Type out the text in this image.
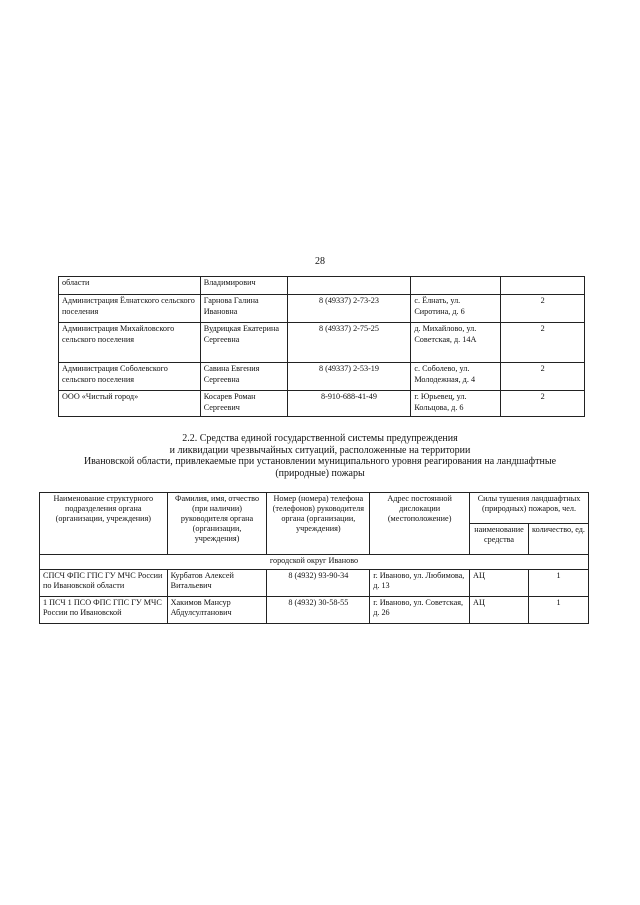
28
области	Владимирович			
Администрация Ёлнатского сельского поселения	Гарнова Галина Ивановна	8 (49337) 2-73-23	с. Ёлнать, ул. Сиротина, д. 6	2
Администрация Михайловского сельского поселения	Вудрицкая Екатерина Сергеевна	8 (49337) 2-75-25	д. Михайлово, ул. Советская, д. 14А	2
Администрация Соболевского сельского поселения	Савина Евгения Сергеевна	8 (49337) 2-53-19	с. Соболево, ул. Молодежная, д. 4	2
ООО «Чистый город»	Косарев Роман Сергеевич	8-910-688-41-49	г. Юрьевец, ул. Кольцова, д. 6	2
2.2. Средства единой государственной системы предупреждения
и ликвидации чрезвычайных ситуаций, расположенные на территории
Ивановской области, привлекаемые при установлении муниципального уровня реагирования на ландшафтные
(природные) пожары
Наименование структурного подразделения органа (организации, учреждения)	Фамилия, имя, отчество (при наличии) руководителя органа (организации, учреждения)	Номер (номера) телефона (телефонов) руководителя органа (организации, учреждения)	Адрес постоянной дислокации (местоположение)	Силы тушения ландшафтных (природных) пожаров, чел.	
				наименование средства	количество, ед.
городской округ Иваново					
СПСЧ ФПС ГПС ГУ МЧС России по Ивановской области	Курбатов Алексей Витальевич	8 (4932) 93-90-34	г. Иваново, ул. Любимова, д. 13	АЦ	1
1 ПСЧ 1 ПСО ФПС ГПС ГУ МЧС России по Ивановской	Хакимов Мансур Абдулсултанович	8 (4932) 30-58-55	г. Иваново, ул. Советская, д. 26	АЦ	1
